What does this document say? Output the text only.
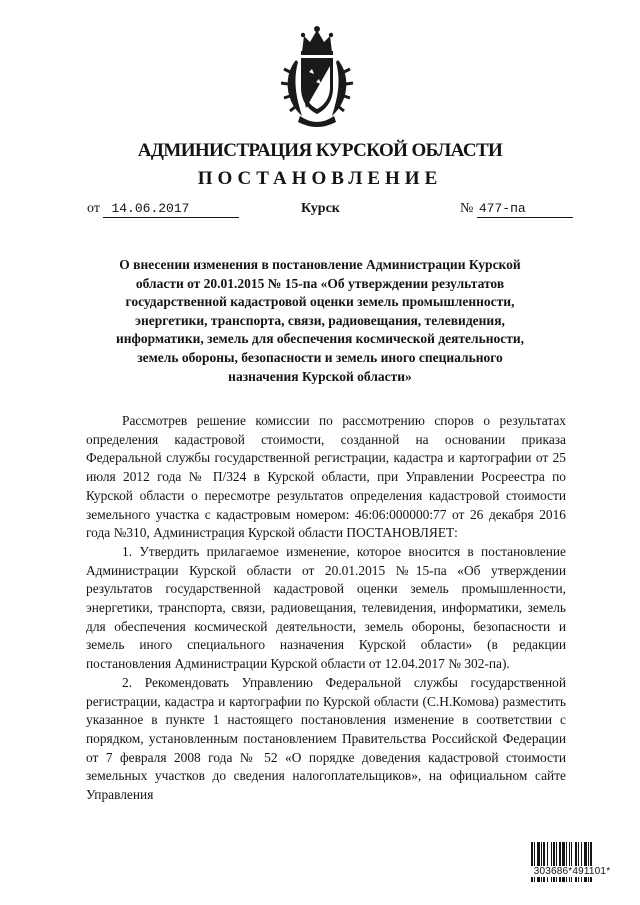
АДМИНИСТРАЦИЯ КУРСКОЙ ОБЛАСТИ
ПОСТАНОВЛЕНИЕ
от 14.06.2017	Курск	№ 477-па
О внесении изменения в постановление Администрации Курской
области от 20.01.2015 № 15-па «Об утверждении результатов
государственной кадастровой оценки земель промышленности,
энергетики, транспорта, связи, радиовещания, телевидения,
информатики, земель для обеспечения космической деятельности,
земель обороны, безопасности и земель иного специального
назначения Курской области»

Рассмотрев решение комиссии по рассмотрению споров о результатах определения кадастровой стоимости, созданной на основании приказа Федеральной службы государственной регистрации, кадастра и картографии от 25 июля 2012 года № П/324 в Курской области, при Управлении Росреестра по Курской области о пересмотре результатов определения кадастровой стоимости земельного участка с кадастровым номером: 46:06:000000:77 от 26 декабря 2016 года №310, Администрация Курской области ПОСТАНОВЛЯЕТ:

1. Утвердить прилагаемое изменение, которое вносится в постановление Администрации Курской области от 20.01.2015 №15-па «Об утверждении результатов государственной кадастровой оценки земель промышленности, энергетики, транспорта, связи, радиовещания, телевидения, информатики, земель для обеспечения космической деятельности, земель обороны, безопасности и земель иного специального назначения Курской области» (в редакции постановления Администрации Курской области от 12.04.2017 № 302-па).

2. Рекомендовать Управлению Федеральной службы государственной регистрации, кадастра и картографии по Курской области (С.Н.Комова) разместить указанное в пункте 1 настоящего постановления изменение в соответствии с порядком, установленным постановлением Правительства Российской Федерации от 7 февраля 2008 года № 52 «О порядке доведения кадастровой стоимости земельных участков до сведения налогоплательщиков», на официальном сайте Управления

303686*491101*
